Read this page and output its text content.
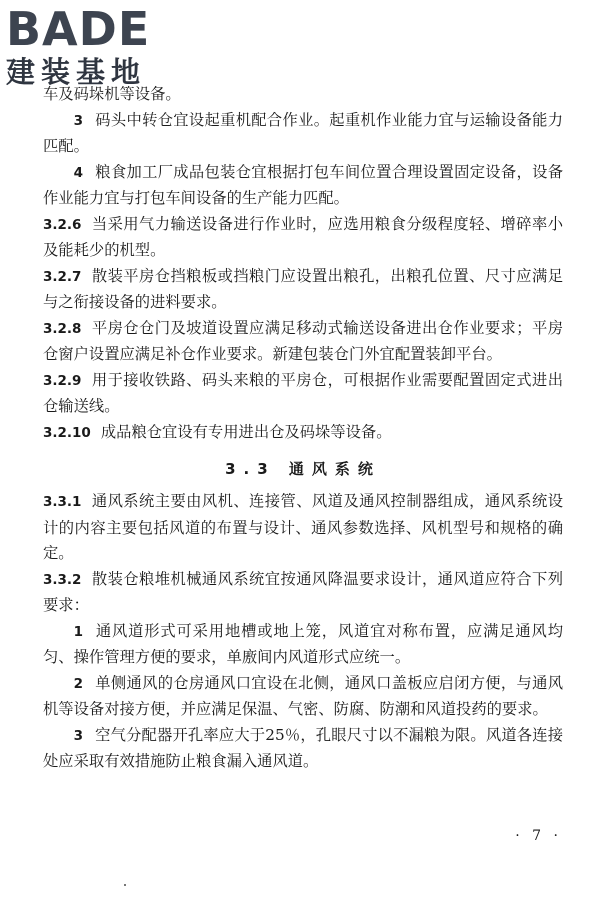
BADE
建装基地

车及码垛机等设备。

3 码头中转仓宜设起重机配合作业。起重机作业能力宜与运输设备能力匹配。

4 粮食加工厂成品包装仓宜根据打包车间位置合理设置固定设备，设备作业能力宜与打包车间设备的生产能力匹配。

3.2.6 当采用气力输送设备进行作业时，应选用粮食分级程度轻、增碎率小及能耗少的机型。

3.2.7 散装平房仓挡粮板或挡粮门应设置出粮孔，出粮孔位置、尺寸应满足与之衔接设备的进料要求。

3.2.8 平房仓仓门及坡道设置应满足移动式输送设备进出仓作业要求；平房仓窗户设置应满足补仓作业要求。新建包装仓门外宜配置装卸平台。

3.2.9 用于接收铁路、码头来粮的平房仓，可根据作业需要配置固定式进出仓输送线。

3.2.10 成品粮仓宜设有专用进出仓及码垛等设备。

3.3 通风系统

3.3.1 通风系统主要由风机、连接管、风道及通风控制器组成，通风系统设计的内容主要包括风道的布置与设计、通风参数选择、风机型号和规格的确定。

3.3.2 散装仓粮堆机械通风系统宜按通风降温要求设计，通风道应符合下列要求：

1 通风道形式可采用地槽或地上笼，风道宜对称布置，应满足通风均匀、操作管理方便的要求，单廒间内风道形式应统一。

2 单侧通风的仓房通风口宜设在北侧，通风口盖板应启闭方便，与通风机等设备对接方便，并应满足保温、气密、防腐、防潮和风道投药的要求。

3 空气分配器开孔率应大于25％，孔眼尺寸以不漏粮为限。风道各连接处应采取有效措施防止粮食漏入通风道。

· 7 ·
